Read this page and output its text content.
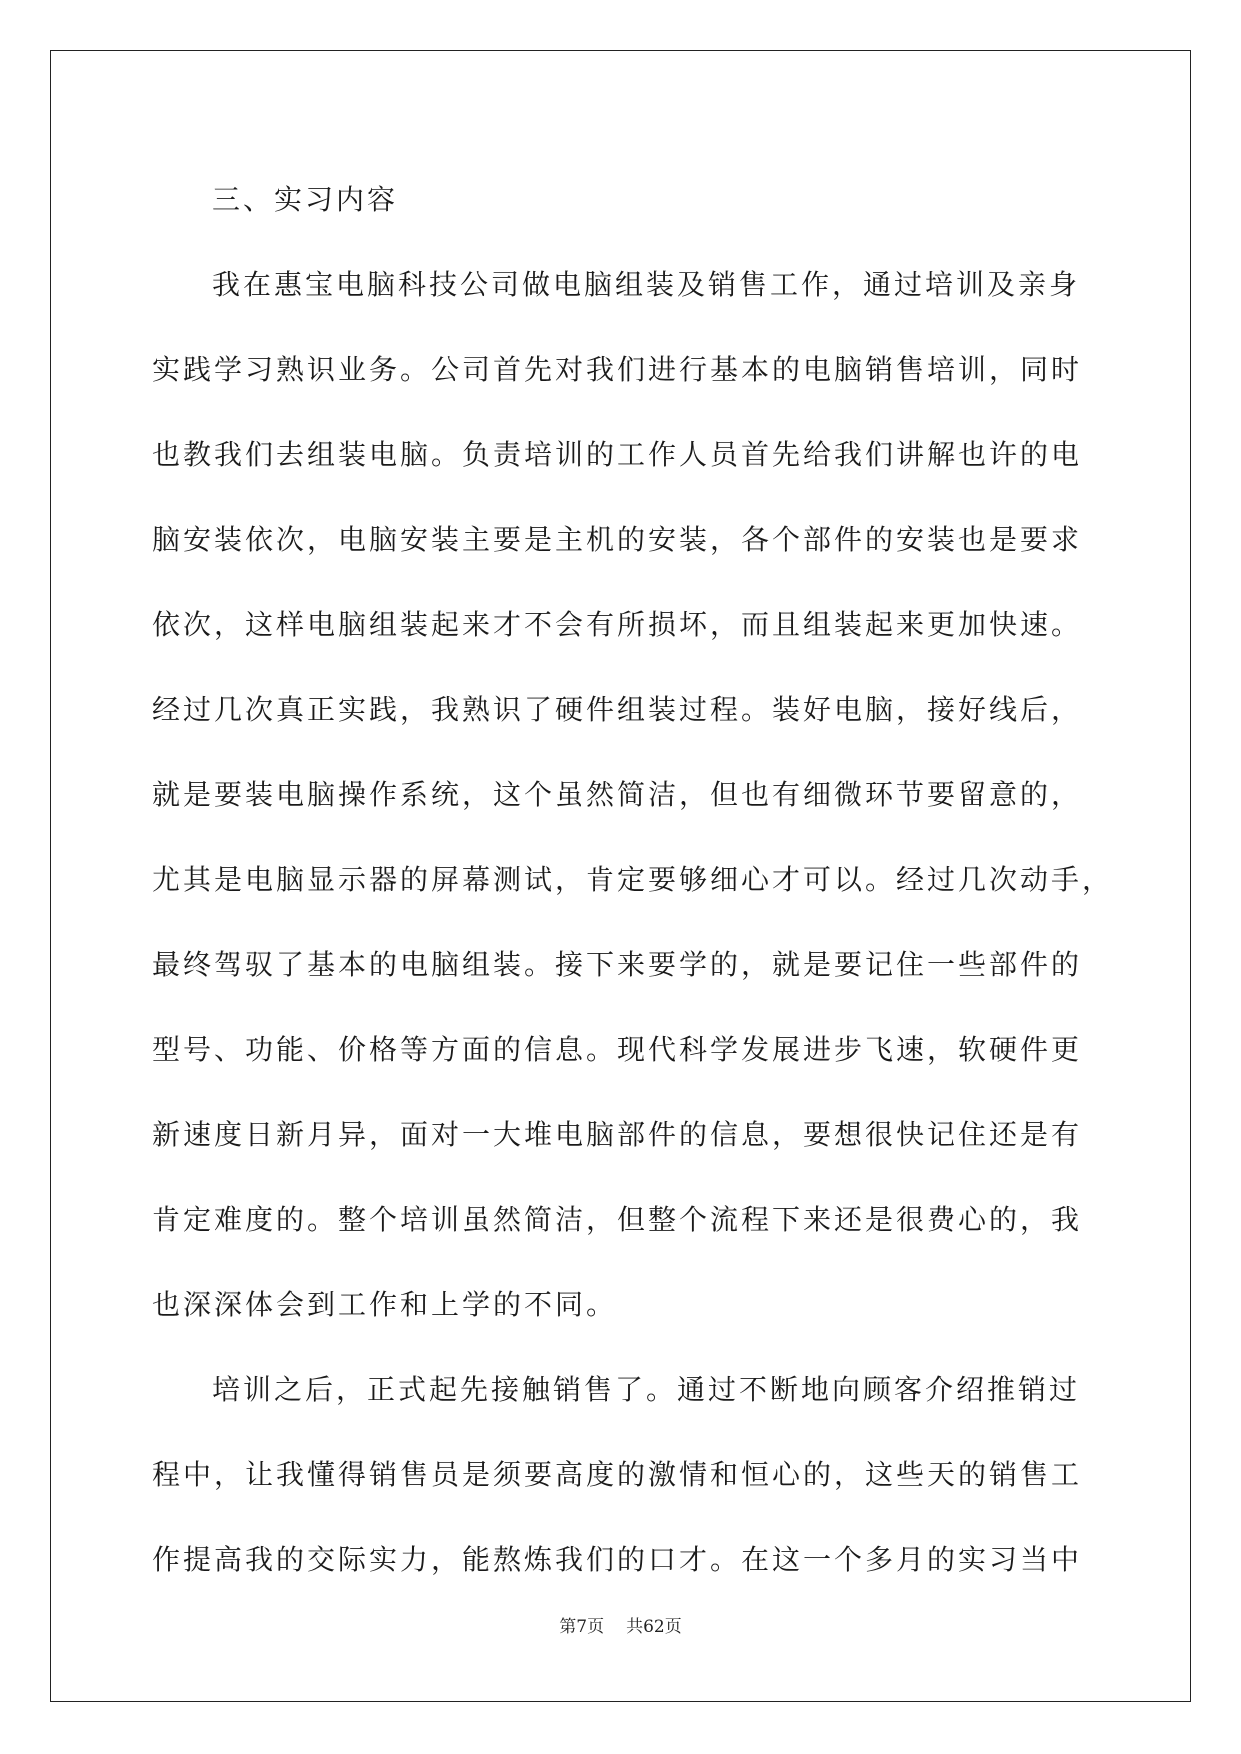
三、实习内容
我在惠宝电脑科技公司做电脑组装及销售工作，通过培训及亲身
实践学习熟识业务。公司首先对我们进行基本的电脑销售培训，同时
也教我们去组装电脑。负责培训的工作人员首先给我们讲解也许的电
脑安装依次，电脑安装主要是主机的安装，各个部件的安装也是要求
依次，这样电脑组装起来才不会有所损坏，而且组装起来更加快速。
经过几次真正实践，我熟识了硬件组装过程。装好电脑，接好线后，
就是要装电脑操作系统，这个虽然简洁，但也有细微环节要留意的，
尤其是电脑显示器的屏幕测试，肯定要够细心才可以。经过几次动手，
最终驾驭了基本的电脑组装。接下来要学的，就是要记住一些部件的
型号、功能、价格等方面的信息。现代科学发展进步飞速，软硬件更
新速度日新月异，面对一大堆电脑部件的信息，要想很快记住还是有
肯定难度的。整个培训虽然简洁，但整个流程下来还是很费心的，我
也深深体会到工作和上学的不同。
培训之后，正式起先接触销售了。通过不断地向顾客介绍推销过
程中，让我懂得销售员是须要高度的激情和恒心的，这些天的销售工
作提高我的交际实力，能熬炼我们的口才。在这一个多月的实习当中
第7页 共62页
